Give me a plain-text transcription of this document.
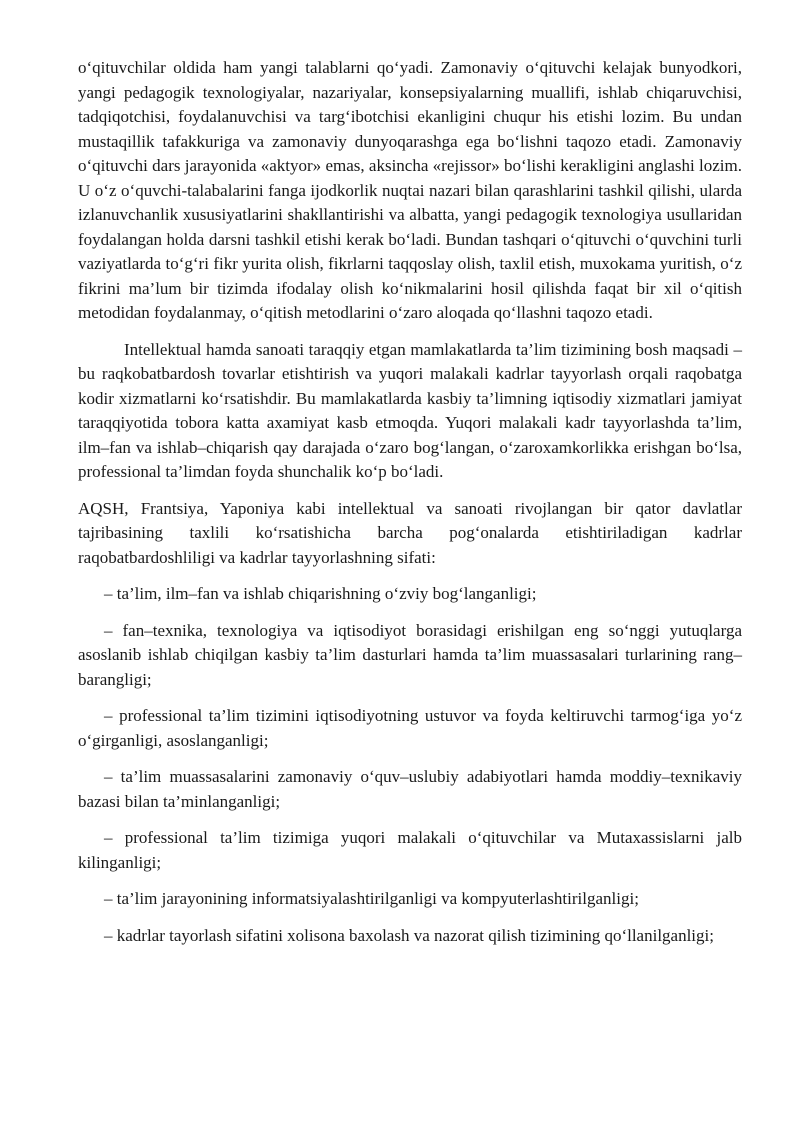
o‘qituvchilar oldida ham yangi talablarni qo‘yadi. Zamonaviy o‘qituvchi kelajak bunyodkori, yangi pedagogik texnologiyalar, nazariyalar, konsepsiyalarning muallifi, ishlab chiqaruvchisi, tadqiqotchisi, foydalanuvchisi va targ‘ibotchisi ekanligini chuqur his etishi lozim. Bu undan mustaqillik tafakkuriga va zamonaviy dunyoqarashga ega bo‘lishni taqozo etadi. Zamonaviy o‘qituvchi dars jarayonida «aktyor» emas, aksincha «rejissor» bo‘lishi kerakligini anglashi lozim. U o‘z o‘quvchi-talabalarini fanga ijodkorlik nuqtai nazari bilan qarashlarini tashkil qilishi, ularda izlanuvchanlik xususiyatlarini shakllantirishi va albatta, yangi pedagogik texnologiya usullaridan foydalangan holda darsni tashkil etishi kerak bo‘ladi. Bundan tashqari o‘qituvchi o‘quvchini turli vaziyatlarda to‘g‘ri fikr yurita olish, fikrlarni taqqoslay olish, taxlil etish, muxokama yuritish, o‘z fikrini ma’lum bir tizimda ifodalay olish ko‘nikmalarini hosil qilishda faqat bir xil o‘qitish metodidan foydalanmay, o‘qitish metodlarini o‘zaro aloqada qo‘llashni taqozo etadi.

Intellektual hamda sanoati taraqqiy etgan mamlakatlarda ta’lim tizimining bosh maqsadi – bu raqkobatbardosh tovarlar etishtirish va yuqori malakali kadrlar tayyorlash orqali raqobatga kodir xizmatlarni ko‘rsatishdir. Bu mamlakatlarda kasbiy ta’limning iqtisodiy xizmatlari jamiyat taraqqiyotida tobora katta axamiyat kasb etmoqda. Yuqori malakali kadr tayyorlashda ta’lim, ilm–fan va ishlab–chiqarish qay darajada o‘zaro bog‘langan, o‘zaroxamkorlikka erishgan bo‘lsa, professional ta’limdan foyda shunchalik ko‘p bo‘ladi.

AQSH, Frantsiya, Yaponiya kabi intellektual va sanoati rivojlangan bir qator davlatlar tajribasining taxlili ko‘rsatishicha barcha pog‘onalarda etishtiriladigan kadrlar raqobatbardoshliligi va kadrlar tayyorlashning sifati:

– ta’lim, ilm–fan va ishlab chiqarishning o‘zviy bog‘langanligi;

– fan–texnika, texnologiya va iqtisodiyot borasidagi erishilgan eng so‘nggi yutuqlarga asoslanib ishlab chiqilgan kasbiy ta’lim dasturlari hamda ta’lim muassasalari turlarining rang–barangligi;

– professional ta’lim tizimini iqtisodiyotning ustuvor va foyda keltiruvchi tarmog‘iga yo‘z o‘girganligi, asoslanganligi;

– ta’lim muassasalarini zamonaviy o‘quv–uslubiy adabiyotlari hamda moddiy–texnikaviy bazasi bilan ta’minlanganligi;

– professional ta’lim tizimiga yuqori malakali o‘qituvchilar va Mutaxassislarni jalb kilinganligi;

– ta’lim jarayonining informatsiyalashtirilganligi va kompyuterlashtirilganligi;

– kadrlar tayorlash sifatini xolisona baxolash va nazorat qilish tizimining qo‘llanilganligi;
